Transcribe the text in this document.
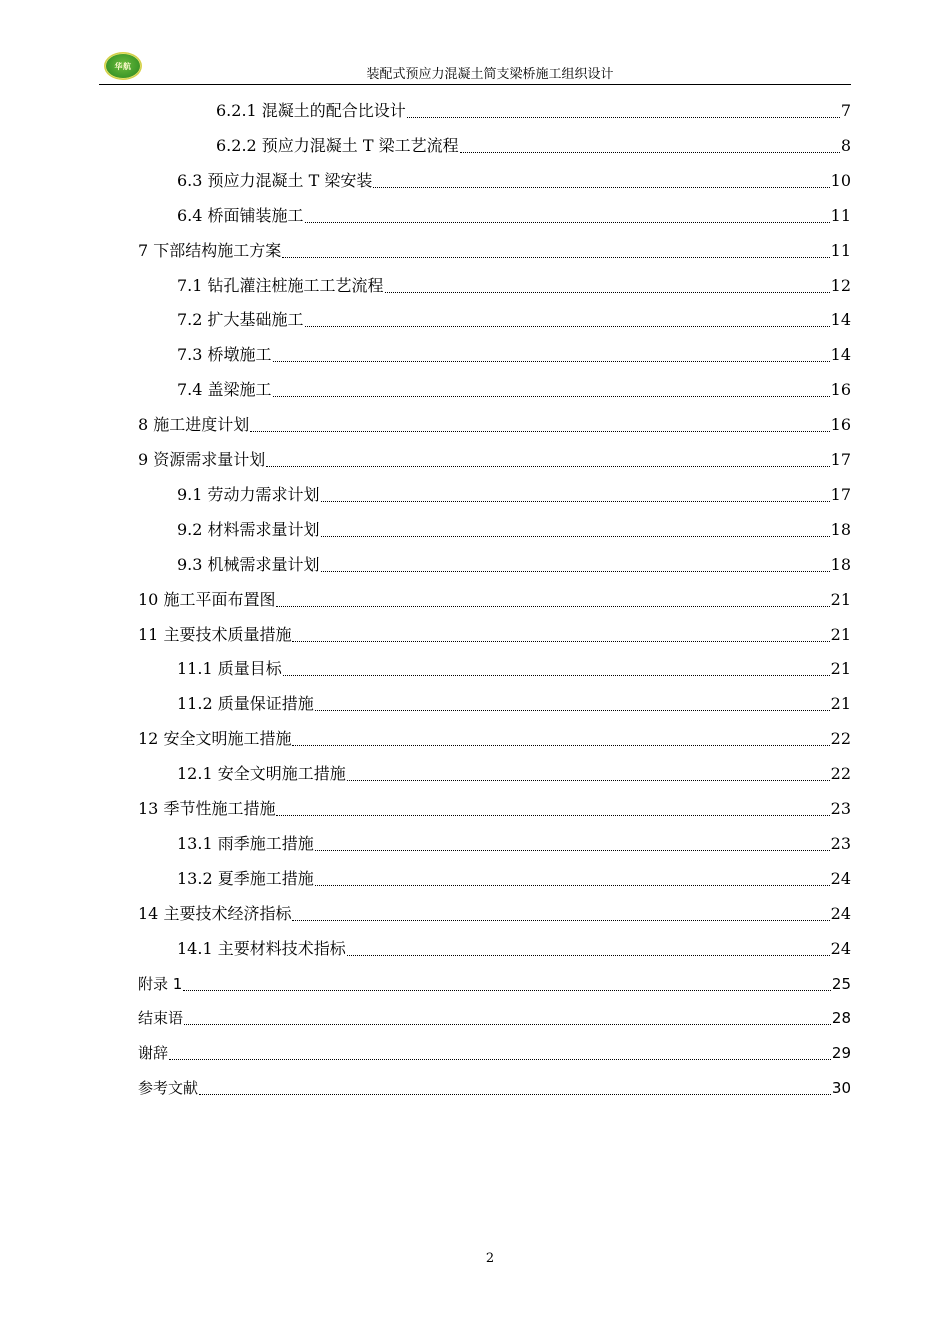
华航
装配式预应力混凝土简支梁桥施工组织设计
6.2.1 混凝土的配合比设计	7
6.2.2 预应力混凝土 T 梁工艺流程	8
6.3 预应力混凝土 T 梁安装	10
6.4 桥面铺装施工	11
7 下部结构施工方案	11
7.1 钻孔灌注桩施工工艺流程	12
7.2 扩大基础施工	14
7.3 桥墩施工	14
7.4 盖梁施工	16
8 施工进度计划	16
9 资源需求量计划	17
9.1 劳动力需求计划	17
9.2 材料需求量计划	18
9.3 机械需求量计划	18
10 施工平面布置图	21
11 主要技术质量措施	21
11.1 质量目标	21
11.2 质量保证措施	21
12 安全文明施工措施	22
12.1 安全文明施工措施	22
13 季节性施工措施	23
13.1 雨季施工措施	23
13.2 夏季施工措施	24
14 主要技术经济指标	24
14.1 主要材料技术指标	24
附录 1	25
结束语	28
谢辞	29
参考文献	30
2
